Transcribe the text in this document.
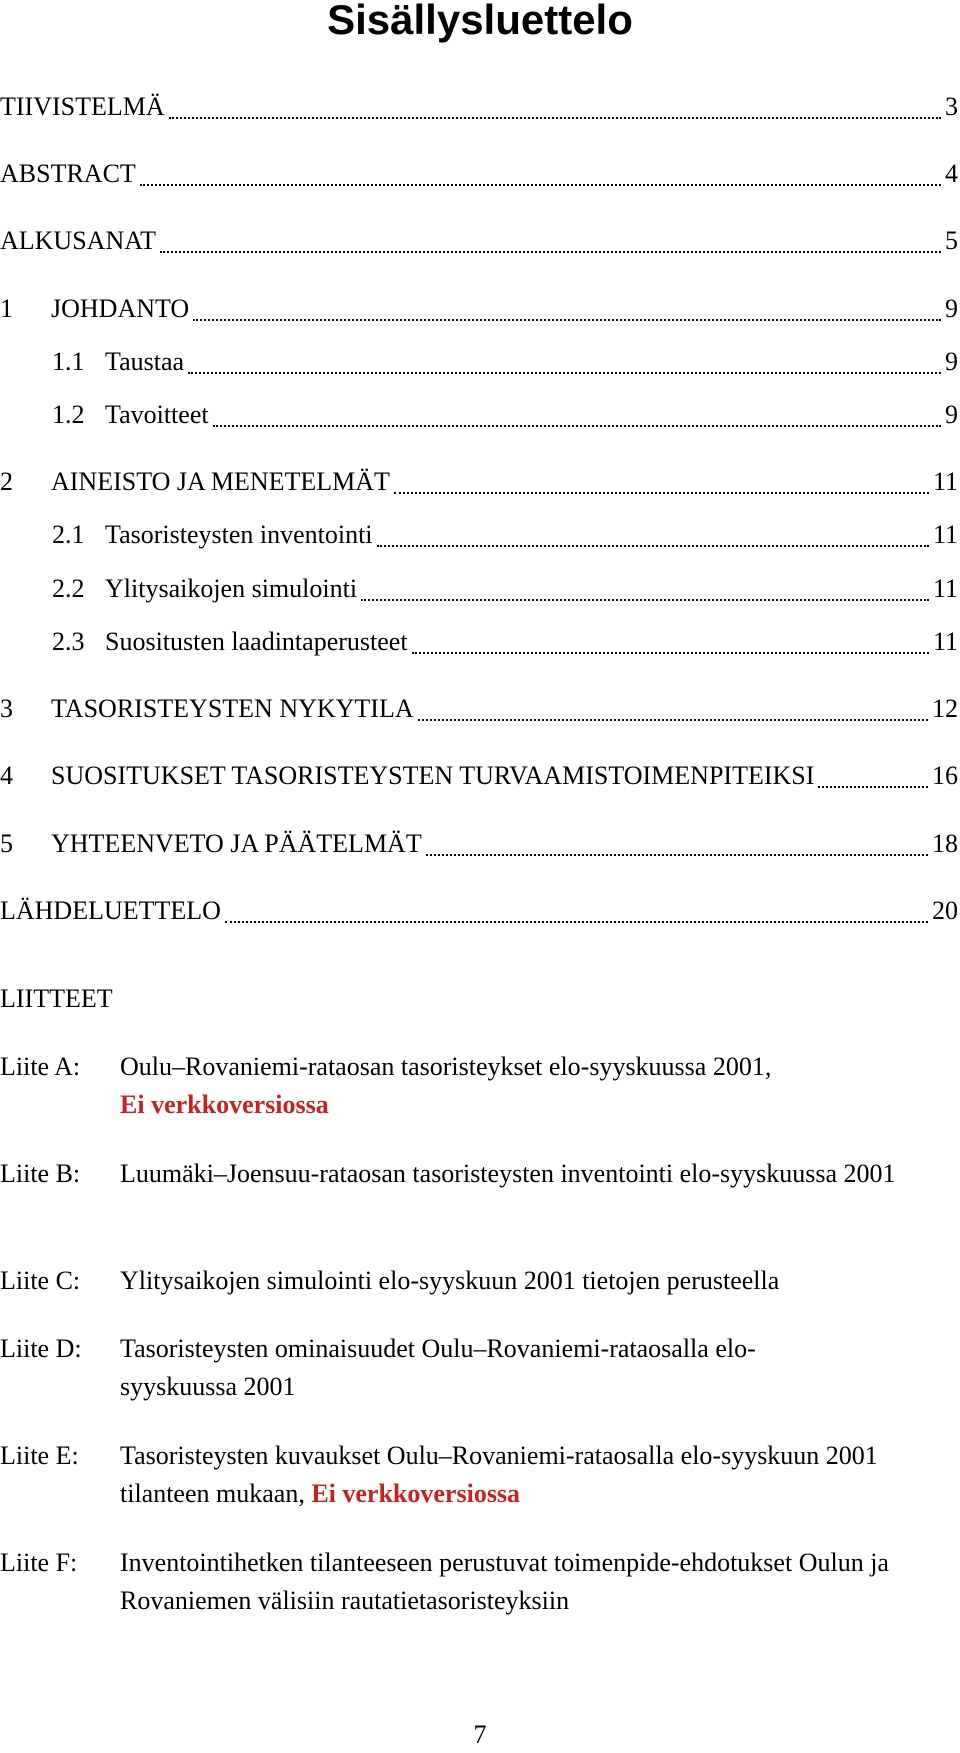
Sisällysluettelo
TIIVISTELMÄ	3
ABSTRACT	4
ALKUSANAT	5
1	JOHDANTO	9
1.1 Taustaa	9
1.2 Tavoitteet	9
2	AINEISTO JA MENETELMÄT	11
2.1 Tasoristeysten inventointi	11
2.2 Ylitysaikojen simulointi	11
2.3 Suositusten laadintaperusteet	11
3	TASORISTEYSTEN NYKYTILA	12
4	SUOSITUKSET TASORISTEYSTEN TURVAAMISTOIMENPITEIKSI	16
5	YHTEENVETO JA PÄÄTELMÄT	18
LÄHDELUETTELO	20
LIITTEET
Liite A: Oulu–Rovaniemi-rataosan tasoristeykset elo-syyskuussa 2001,
Ei verkkoversiossa
Liite B: Luumäki–Joensuu-rataosan tasoristeysten inventointi elo-syyskuussa 2001
Liite C: Ylitysaikojen simulointi elo-syyskuun 2001 tietojen perusteella
Liite D: Tasoristeysten ominaisuudet Oulu–Rovaniemi-rataosalla elo-syyskuussa 2001
Liite E: Tasoristeysten kuvaukset Oulu–Rovaniemi-rataosalla elo-syyskuun 2001 tilanteen mukaan, Ei verkkoversiossa
Liite F: Inventointihetken tilanteeseen perustuvat toimenpide-ehdotukset Oulun ja Rovaniemen välisiin rautatietasoristeyksiin
7
